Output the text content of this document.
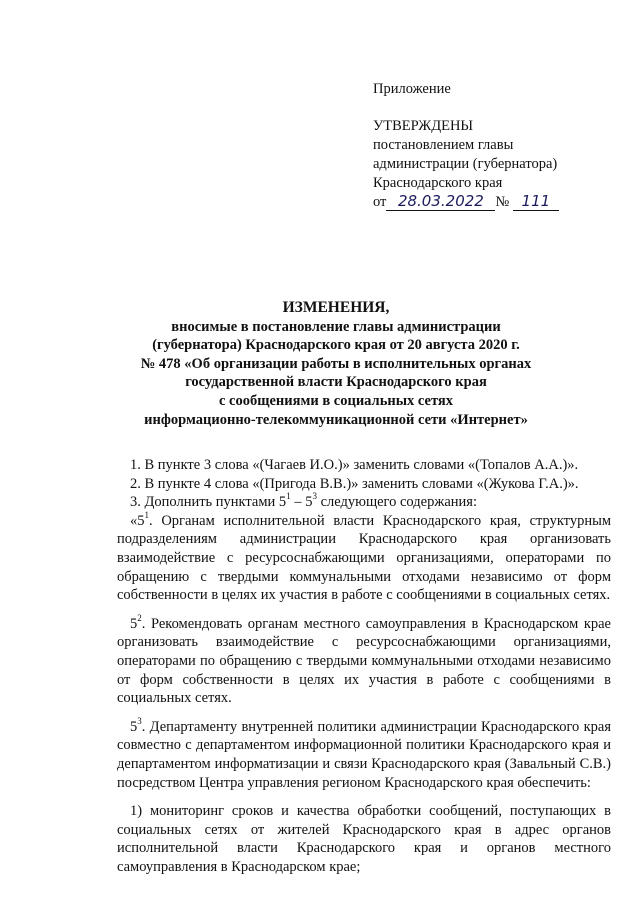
Приложение
УТВЕРЖДЕНЫ
постановлением главы
администрации (губернатора)
Краснодарского края
от 28.03.2022 № 111
ИЗМЕНЕНИЯ,
вносимые в постановление главы администрации
(губернатора) Краснодарского края от 20 августа 2020 г.
№ 478 «Об организации работы в исполнительных органах
государственной власти Краснодарского края
с сообщениями в социальных сетях
информационно-телекоммуникационной сети «Интернет»

1. В пункте 3 слова «(Чагаев И.О.)» заменить словами «(Топалов А.А.)».

2. В пункте 4 слова «(Пригода В.В.)» заменить словами «(Жукова Г.А.)».

3. Дополнить пунктами $5^1 - 5^3$ следующего содержания:

«$5^1$. Органам исполнительной власти Краснодарского края, структурным подразделениям администрации Краснодарского края организовать взаимодействие с ресурсоснабжающими организациями, операторами по обращению с твердыми коммунальными отходами независимо от форм собственности в целях их участия в работе с сообщениями в социальных сетях.

$5^2$. Рекомендовать органам местного самоуправления в Краснодарском крае организовать взаимодействие с ресурсоснабжающими организациями, операторами по обращению с твердыми коммунальными отходами независимо от форм собственности в целях их участия в работе с сообщениями в социальных сетях.

$5^3$. Департаменту внутренней политики администрации Краснодарского края совместно с департаментом информационной политики Краснодарского края и департаментом информатизации и связи Краснодарского края (Завальный С.В.) посредством Центра управления регионом Краснодарского края обеспечить:

1) мониторинг сроков и качества обработки сообщений, поступающих в социальных сетях от жителей Краснодарского края в адрес органов исполнительной власти Краснодарского края и органов местного самоуправления в Краснодарском крае;
